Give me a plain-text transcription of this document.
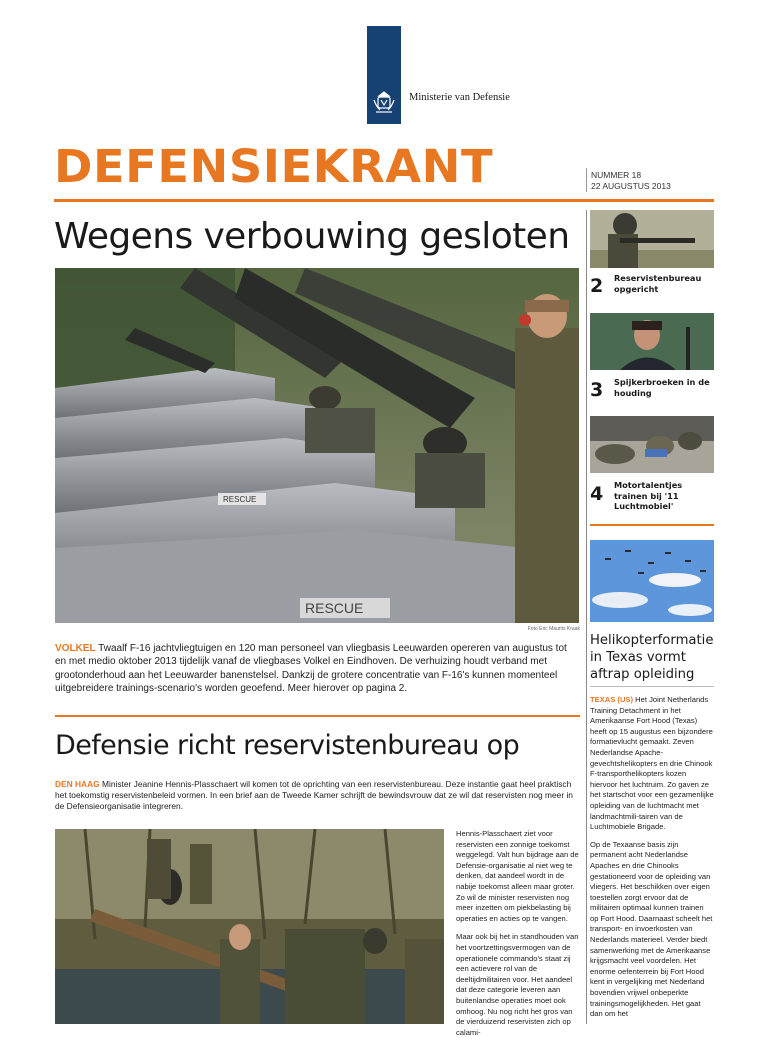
Ministerie van Defensie
DEFENSIEKRANT	NUMMER 18
22 AUGUSTUS 2013
Wegens verbouwing gesloten
RESCUE
RESCUE
Foto Eric Maurits Kraak
VOLKEL Twaalf F-16 jachtvliegtuigen en 120 man personeel van vliegbasis Leeuwarden opereren van augustus tot en met medio oktober 2013 tijdelijk vanaf de vliegbases Volkel en Eindhoven. De verhuizing houdt verband met grootonderhoud aan het Leeuwarder banenstelsel. Dankzij de grotere concentratie van F-16's kunnen momenteel uitgebreidere trainings-scenario's worden geoefend. Meer hierover op pagina 2.
Defensie richt reservistenbureau op
DEN HAAG Minister Jeanine Hennis-Plasschaert wil komen tot de oprichting van een reservistenbureau. Deze instantie gaat heel praktisch het toekomstig reservistenbeleid vormen. In een brief aan de Tweede Kamer schrijft de bewindsvrouw dat ze wil dat reservisten nog meer in de Defensieorganisatie integreren.

Hennis-Plasschaert ziet voor reservisten een zonnige toekomst weggelegd. Valt hun bijdrage aan de Defensie-organisatie al niet weg te denken, dat aandeel wordt in de nabije toekomst alleen maar groter. Zo wil de minister reservisten nog meer inzetten om piekbelasting bij operaties en acties op te vangen.

Maar ook bij het in standhouden van het voortzettingsvermogen van de operationele commando's staat zij een actievere rol van de deeltijdmilitairen voor. Het aandeel dat deze categorie leveren aan buitenlandse operaties moet ook omhoog. Nu nog richt het gros van de vierduizend reservisten zich op calami-

2 Reservistenbureau opgericht
3 Spijkerbroeken in de houding
4 Motortalentjes trainen bij '11 Luchtmobiel'
Helikopterformatie in Texas vormt aftrap opleiding

TEXAS (US) Het Joint Netherlands Training Detachment in het Amerikaanse Fort Hood (Texas) heeft op 15 augustus een bijzondere formatievlucht gemaakt. Zeven Nederlandse Apache-gevechtshelikopters en drie Chinook F-transporthelikopters kozen hiervoor het luchtruim. Zo gaven ze het startschot voor een gezamenlijke opleiding van de luchtmacht met landmachtmili-tairen van de Luchtmobiele Brigade.

Op de Texaanse basis zijn permanent acht Nederlandse Apaches en drie Chinooks gestationeerd voor de opleiding van vliegers. Het beschikken over eigen toestellen zorgt ervoor dat de militairen optimaal kunnen trainen op Fort Hood. Daarnaast scheelt het transport- en invoerkosten van Nederlands materieel. Verder biedt samenwerking met de Amerikaanse krijgsmacht veel voordelen. Het enorme oefenterrein bij Fort Hood kent in vergelijking met Nederland bovendien vrijwel onbeperkte trainingsmogelijkheden. Het gaat dan om het
